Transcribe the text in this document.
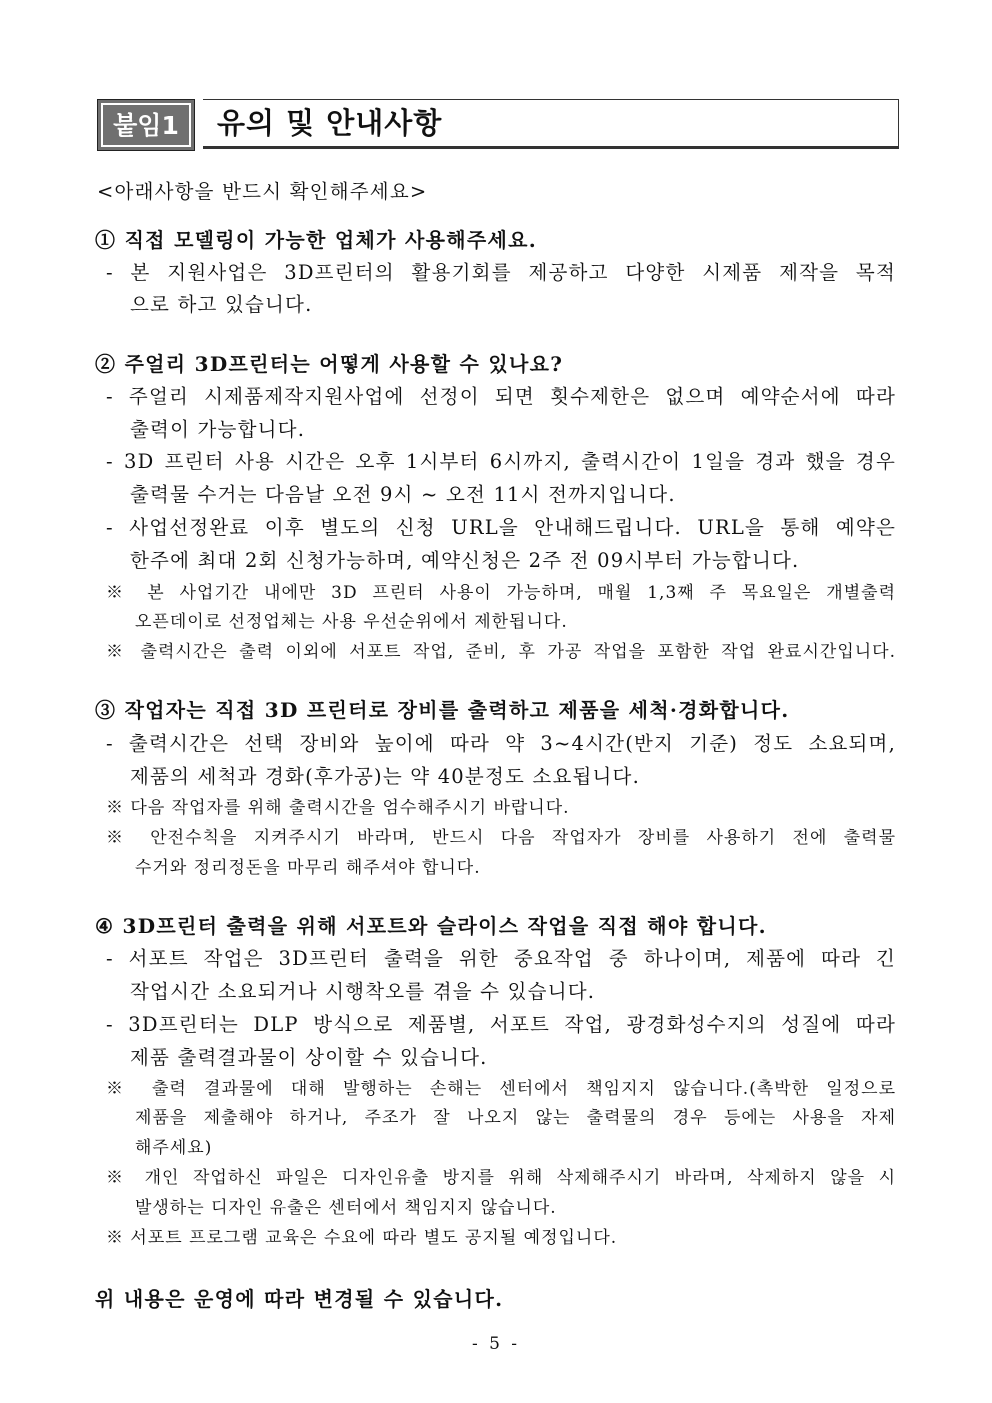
붙임1	유의 및 안내사항
<아래사항을 반드시 확인해주세요>
① 직접 모델링이 가능한 업체가 사용해주세요.
- 본 지원사업은 3D프린터의 활용기회를 제공하고 다양한 시제품 제작을 목적
으로 하고 있습니다.
② 주얼리 3D프린터는 어떻게 사용할 수 있나요?
- 주얼리 시제품제작지원사업에 선정이 되면 횟수제한은 없으며 예약순서에 따라
출력이 가능합니다.
- 3D 프린터 사용 시간은 오후 1시부터 6시까지, 출력시간이 1일을 경과 했을 경우
출력물 수거는 다음날 오전 9시 ~ 오전 11시 전까지입니다.
- 사업선정완료 이후 별도의 신청 URL을 안내해드립니다. URL을 통해 예약은
한주에 최대 2회 신청가능하며, 예약신청은 2주 전 09시부터 가능합니다.
※ 본 사업기간 내에만 3D 프린터 사용이 가능하며, 매월 1,3째 주 목요일은 개별출력
오픈데이로 선정업체는 사용 우선순위에서 제한됩니다.
※ 출력시간은 출력 이외에 서포트 작업, 준비, 후 가공 작업을 포함한 작업 완료시간입니다.
③ 작업자는 직접 3D 프린터로 장비를 출력하고 제품을 세척·경화합니다.
- 출력시간은 선택 장비와 높이에 따라 약 3~4시간(반지 기준) 정도 소요되며,
제품의 세척과 경화(후가공)는 약 40분정도 소요됩니다.
※ 다음 작업자를 위해 출력시간을 엄수해주시기 바랍니다.
※ 안전수칙을 지켜주시기 바라며, 반드시 다음 작업자가 장비를 사용하기 전에 출력물
수거와 정리정돈을 마무리 해주셔야 합니다.
④ 3D프린터 출력을 위해 서포트와 슬라이스 작업을 직접 해야 합니다.
- 서포트 작업은 3D프린터 출력을 위한 중요작업 중 하나이며, 제품에 따라 긴
작업시간 소요되거나 시행착오를 겪을 수 있습니다.
- 3D프린터는 DLP 방식으로 제품별, 서포트 작업, 광경화성수지의 성질에 따라
제품 출력결과물이 상이할 수 있습니다.
※ 출력 결과물에 대해 발행하는 손해는 센터에서 책임지지 않습니다.(촉박한 일정으로
제품을 제출해야 하거나, 주조가 잘 나오지 않는 출력물의 경우 등에는 사용을 자제
해주세요)
※ 개인 작업하신 파일은 디자인유출 방지를 위해 삭제해주시기 바라며, 삭제하지 않을 시
발생하는 디자인 유출은 센터에서 책임지지 않습니다.
※ 서포트 프로그램 교육은 수요에 따라 별도 공지될 예정입니다.
위 내용은 운영에 따라 변경될 수 있습니다.
- 5 -
